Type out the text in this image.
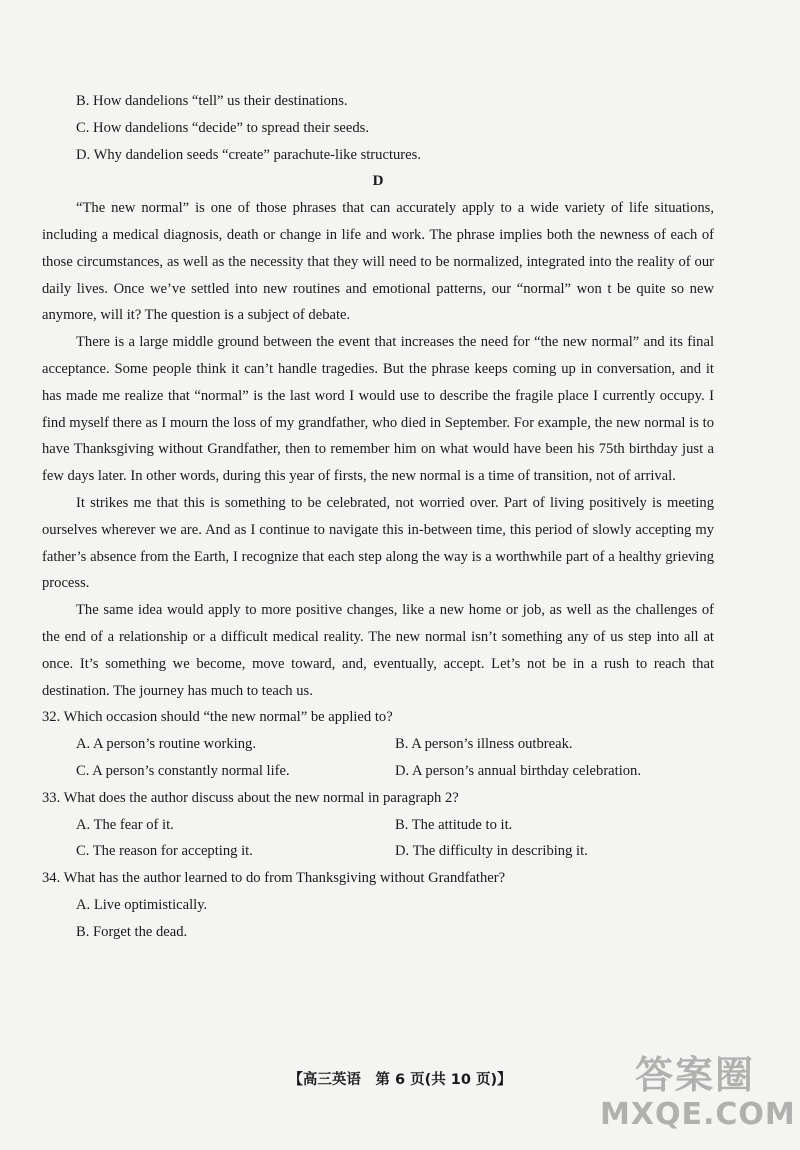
B. How dandelions “tell” us their destinations.

C. How dandelions “decide” to spread their seeds.

D. Why dandelion seeds “create” parachute-like structures.

D

“The new normal” is one of those phrases that can accurately apply to a wide variety of life situations, including a medical diagnosis, death or change in life and work. The phrase implies both the newness of each of those circumstances, as well as the necessity that they will need to be normalized, integrated into the reality of our daily lives. Once we’ve settled into new routines and emotional patterns, our “normal” won t be quite so new anymore, will it? The question is a subject of debate.

There is a large middle ground between the event that increases the need for “the new normal” and its final acceptance. Some people think it can’t handle tragedies. But the phrase keeps coming up in conversation, and it has made me realize that “normal” is the last word I would use to describe the fragile place I currently occupy. I find myself there as I mourn the loss of my grandfather, who died in September. For example, the new normal is to have Thanksgiving without Grandfather, then to remember him on what would have been his 75th birthday just a few days later. In other words, during this year of firsts, the new normal is a time of transition, not of arrival.

It strikes me that this is something to be celebrated, not worried over. Part of living positively is meeting ourselves wherever we are. And as I continue to navigate this in-between time, this period of slowly accepting my father’s absence from the Earth, I recognize that each step along the way is a worthwhile part of a healthy grieving process.

The same idea would apply to more positive changes, like a new home or job, as well as the challenges of the end of a relationship or a difficult medical reality. The new normal isn’t something any of us step into all at once. It’s something we become, move toward, and, eventually, accept. Let’s not be in a rush to reach that destination. The journey has much to teach us.

32. Which occasion should “the new normal” be applied to?

A. A person’s routine working.	B. A person’s illness outbreak.
C. A person’s constantly normal life.	D. A person’s annual birthday celebration.

33. What does the author discuss about the new normal in paragraph 2?

A. The fear of it.	B. The attitude to it.
C. The reason for accepting it.	D. The difficulty in describing it.

34. What has the author learned to do from Thanksgiving without Grandfather?

A. Live optimistically.

B. Forget the dead.

【高三英语　第 6 页(共 10 页)】	答案圈
MXQE.COM
